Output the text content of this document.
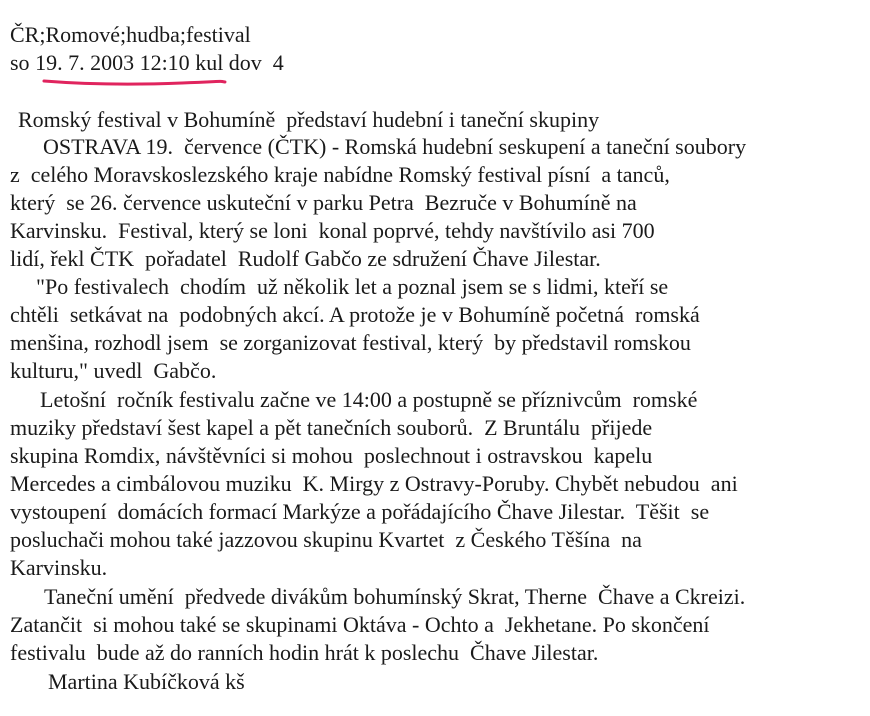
ČR;Romové;hudba;festival
so 19. 7. 2003 12:10 kul dov  4
Romský festival v Bohumíně  představí hudební i taneční skupiny
OSTRAVA 19.  července (ČTK) - Romská hudební seskupení a taneční soubory
z  celého Moravskoslezského kraje nabídne Romský festival písní  a tanců,
který  se 26. července uskuteční v parku Petra  Bezruče v Bohumíně na
Karvinsku.  Festival, který se loni  konal poprvé, tehdy navštívilo asi 700
lidí, řekl ČTK  pořadatel  Rudolf Gabčo ze sdružení Čhave Jilestar.
"Po festivalech  chodím  už několik let a poznal jsem se s lidmi, kteří se
chtěli  setkávat na  podobných akcí. A protože je v Bohumíně početná  romská
menšina, rozhodl jsem  se zorganizovat festival, který  by představil romskou
kulturu," uvedl  Gabčo.
Letošní  ročník festivalu začne ve 14:00 a postupně se příznivcům  romské
muziky představí šest kapel a pět tanečních souborů.  Z Bruntálu  přijede
skupina Romdix, návštěvníci si mohou  poslechnout i ostravskou  kapelu
Mercedes a cimbálovou muziku  K. Mirgy z Ostravy-Poruby. Chybět nebudou  ani
vystoupení  domácích formací Markýze a pořádajícího Čhave Jilestar.  Těšit  se
posluchači mohou také jazzovou skupinu Kvartet  z Českého Těšína  na
Karvinsku.
Taneční umění  předvede divákům bohumínský Skrat, Therne  Čhave a Ckreizi.
Zatančit  si mohou také se skupinami Oktáva - Ochto a  Jekhetane. Po skončení
festivalu  bude až do ranních hodin hrát k poslechu  Čhave Jilestar.
Martina Kubíčková kš
